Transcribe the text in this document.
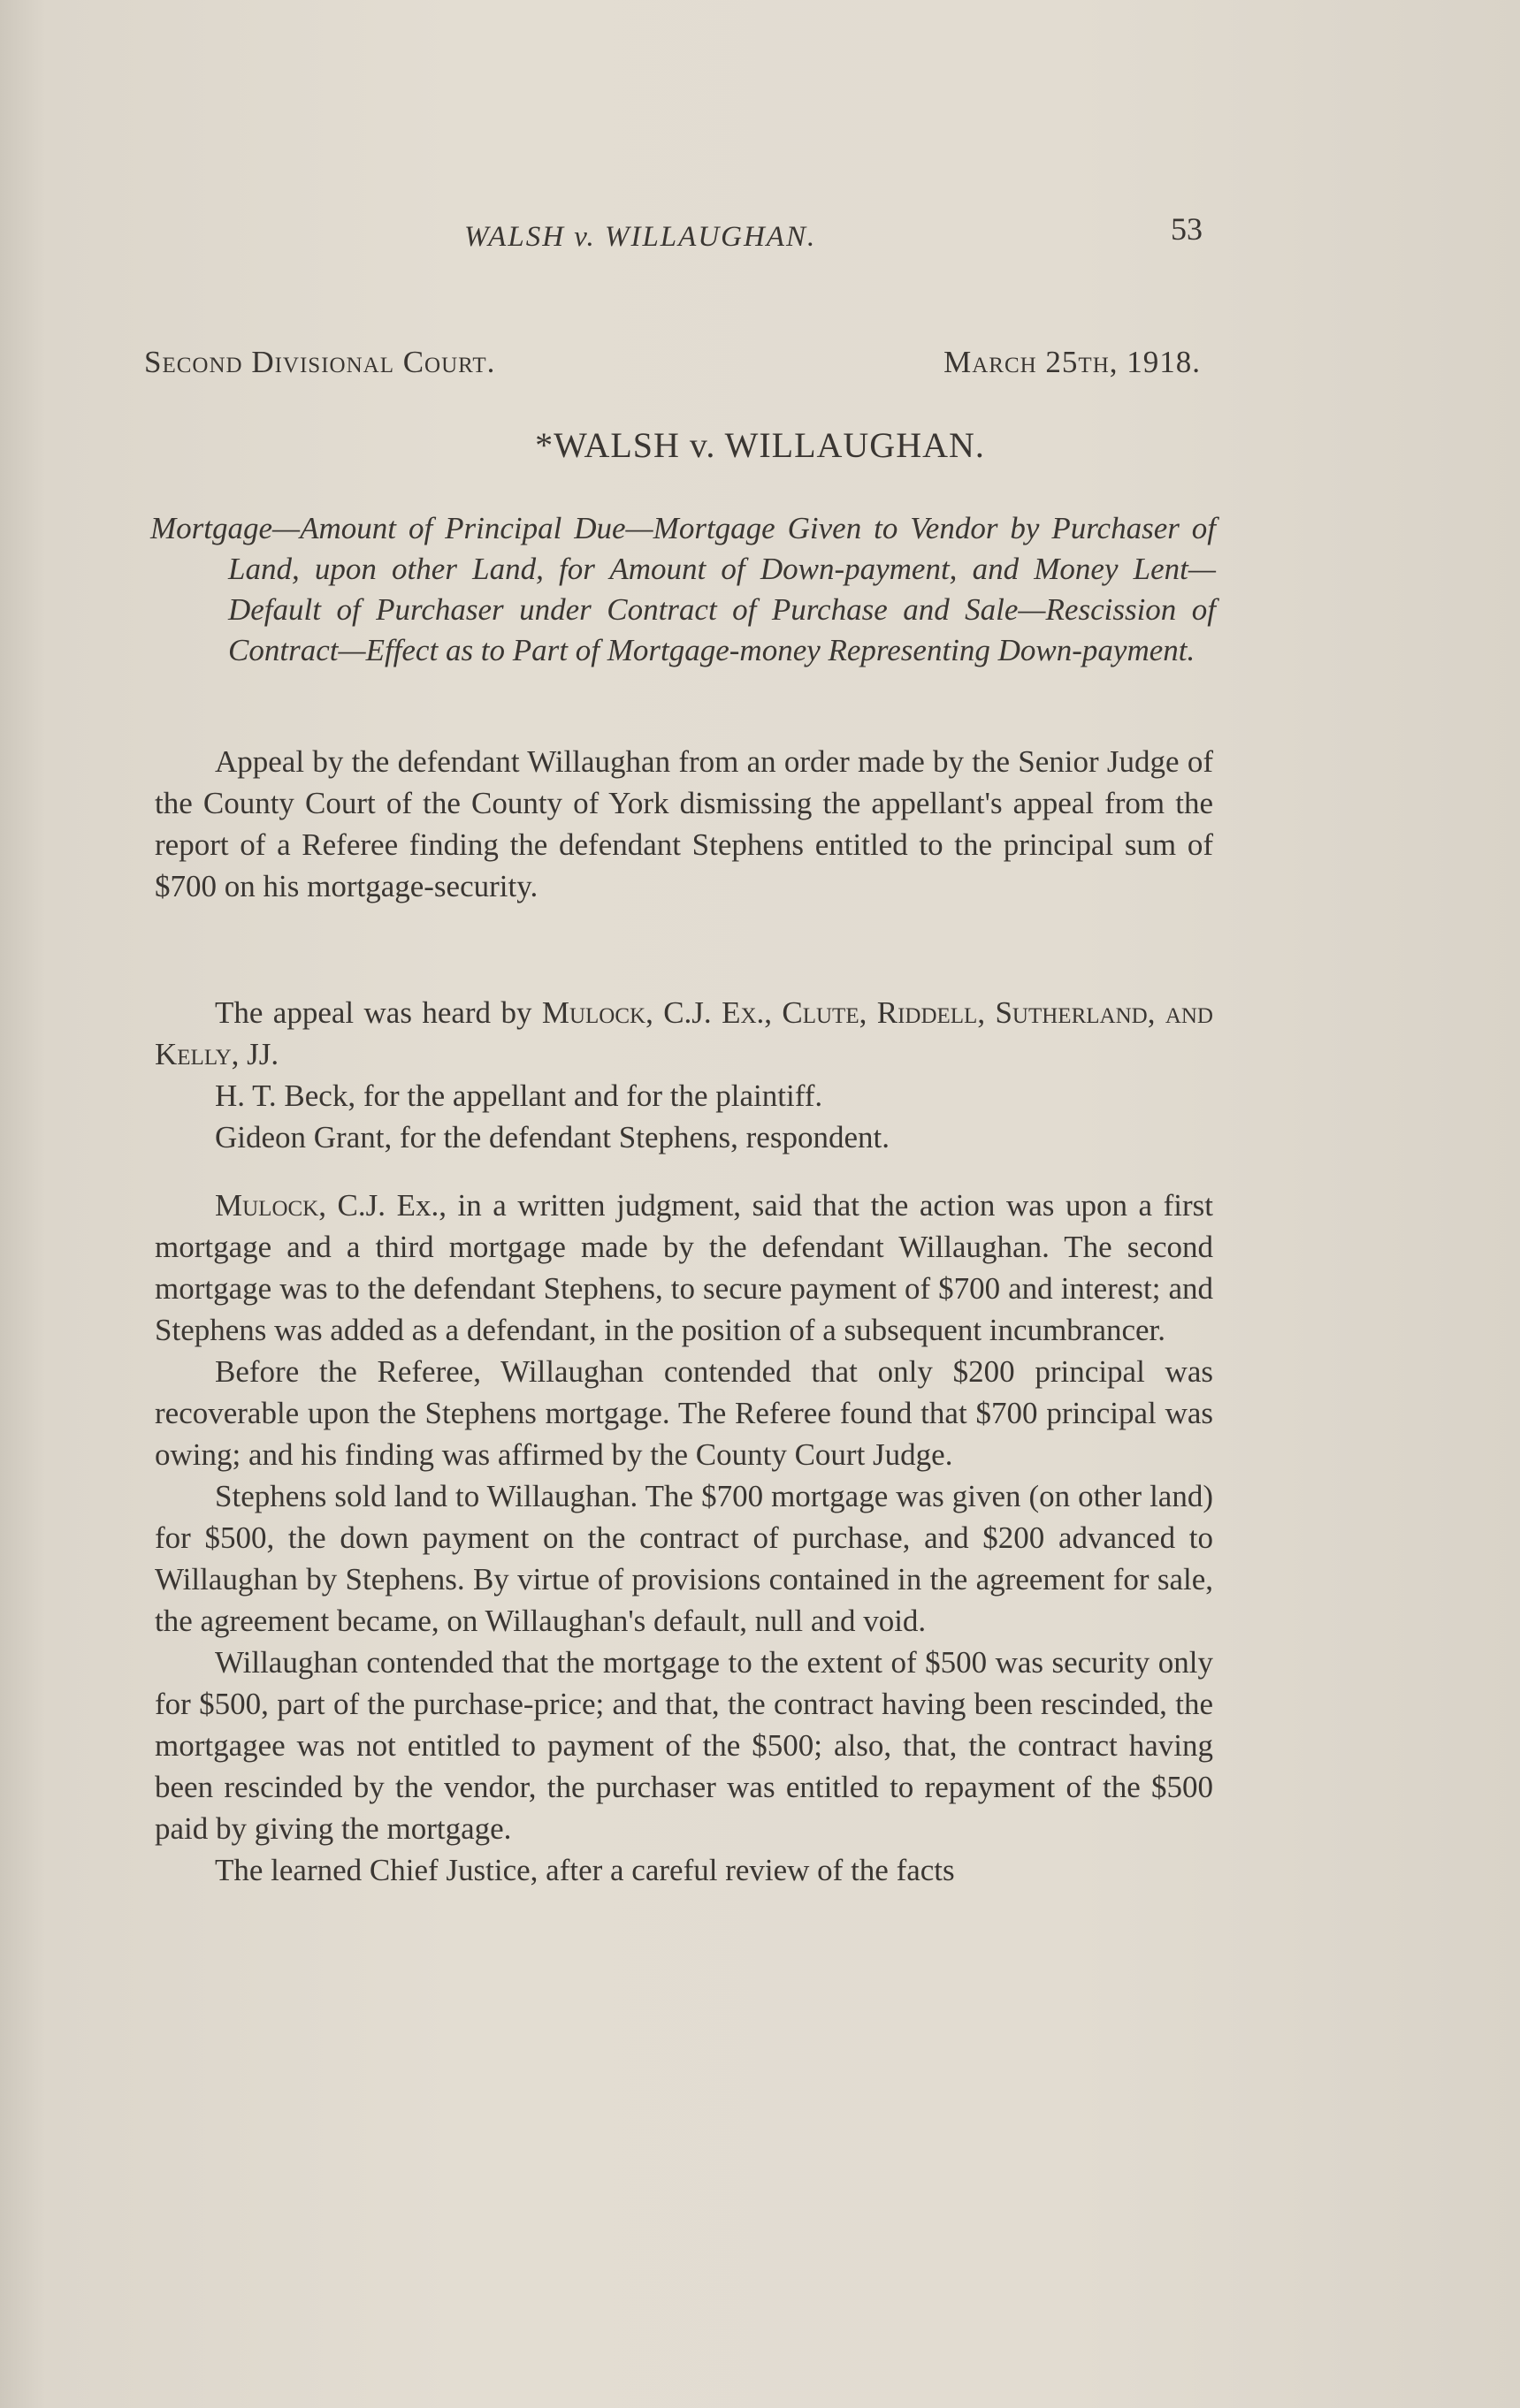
WALSH v. WILLAUGHAN.	53
Second Divisional Court.	March 25th, 1918.
*WALSH v. WILLAUGHAN.

Mortgage—Amount of Principal Due—Mortgage Given to Vendor by Purchaser of Land, upon other Land, for Amount of Down-payment, and Money Lent—Default of Purchaser under Contract of Purchase and Sale—Rescission of Contract—Effect as to Part of Mortgage-money Representing Down-payment.

Appeal by the defendant Willaughan from an order made by the Senior Judge of the County Court of the County of York dismissing the appellant's appeal from the report of a Referee finding the defendant Stephens entitled to the principal sum of $700 on his mortgage-security.

The appeal was heard by Mulock, C.J. Ex., Clute, Riddell, Sutherland, and Kelly, JJ.

H. T. Beck, for the appellant and for the plaintiff.

Gideon Grant, for the defendant Stephens, respondent.

Mulock, C.J. Ex., in a written judgment, said that the action was upon a first mortgage and a third mortgage made by the defendant Willaughan. The second mortgage was to the defendant Stephens, to secure payment of $700 and interest; and Stephens was added as a defendant, in the position of a subsequent incumbrancer.

Before the Referee, Willaughan contended that only $200 principal was recoverable upon the Stephens mortgage. The Referee found that $700 principal was owing; and his finding was affirmed by the County Court Judge.

Stephens sold land to Willaughan. The $700 mortgage was given (on other land) for $500, the down payment on the contract of purchase, and $200 advanced to Willaughan by Stephens. By virtue of provisions contained in the agreement for sale, the agreement became, on Willaughan's default, null and void.

Willaughan contended that the mortgage to the extent of $500 was security only for $500, part of the purchase-price; and that, the contract having been rescinded, the mortgagee was not entitled to payment of the $500; also, that, the contract having been rescinded by the vendor, the purchaser was entitled to repayment of the $500 paid by giving the mortgage.

The learned Chief Justice, after a careful review of the facts
